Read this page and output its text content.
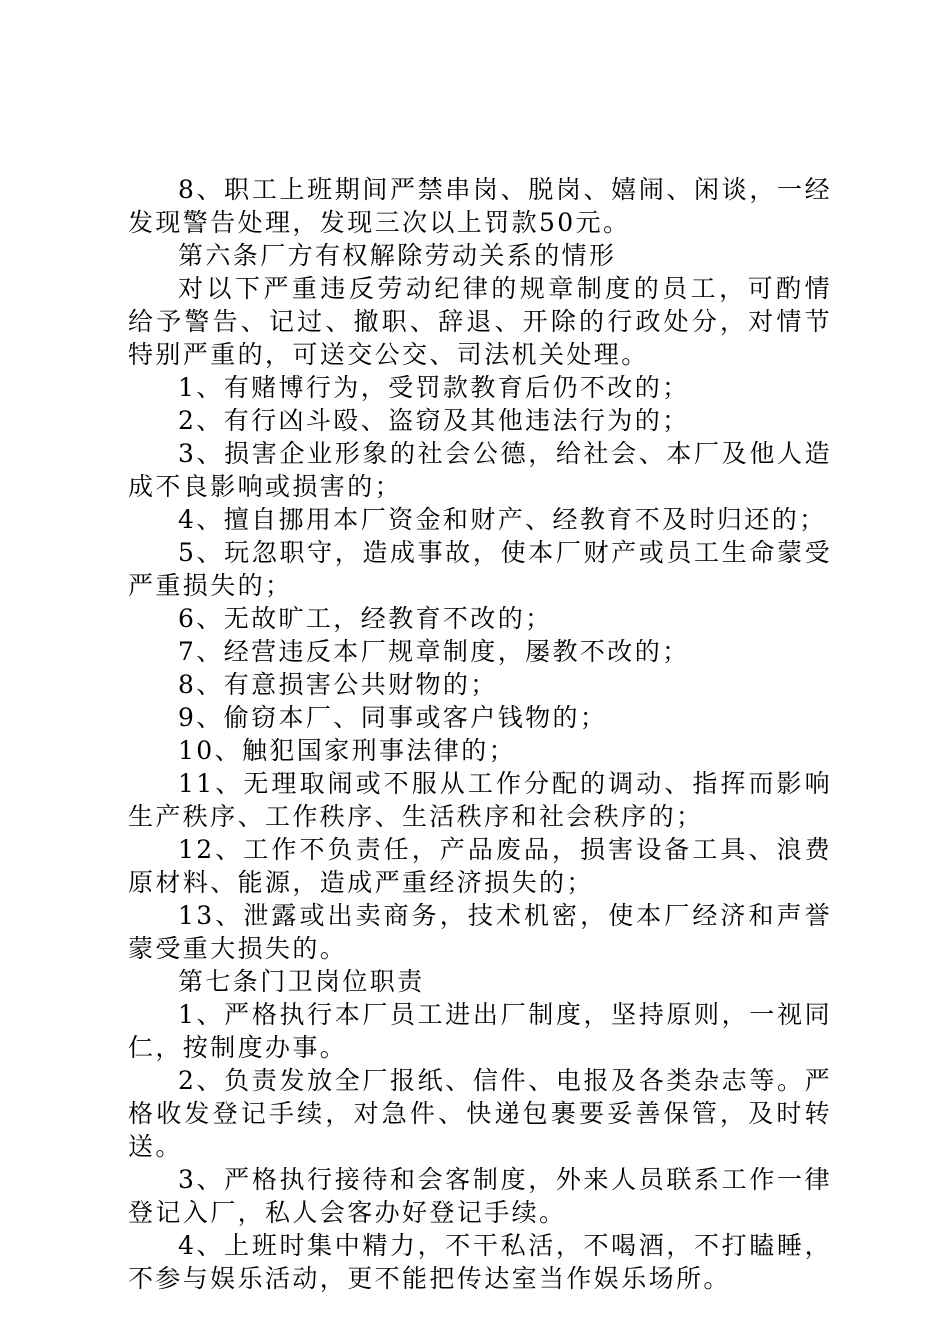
8、职工上班期间严禁串岗、脱岗、嬉闹、闲谈，一经发现警告处理，发现三次以上罚款50元。

第六条厂方有权解除劳动关系的情形

对以下严重违反劳动纪律的规章制度的员工，可酌情给予警告、记过、撤职、辞退、开除的行政处分，对情节特别严重的，可送交公交、司法机关处理。

1、有赌博行为，受罚款教育后仍不改的；

2、有行凶斗殴、盗窃及其他违法行为的；

3、损害企业形象的社会公德，给社会、本厂及他人造成不良影响或损害的；

4、擅自挪用本厂资金和财产、经教育不及时归还的；

5、玩忽职守，造成事故，使本厂财产或员工生命蒙受严重损失的；

6、无故旷工，经教育不改的；

7、经营违反本厂规章制度，屡教不改的；

8、有意损害公共财物的；

9、偷窃本厂、同事或客户钱物的；

10、触犯国家刑事法律的；

11、无理取闹或不服从工作分配的调动、指挥而影响生产秩序、工作秩序、生活秩序和社会秩序的；

12、工作不负责任，产品废品，损害设备工具、浪费原材料、能源，造成严重经济损失的；

13、泄露或出卖商务，技术机密，使本厂经济和声誉蒙受重大损失的。

第七条门卫岗位职责

1、严格执行本厂员工进出厂制度，坚持原则，一视同仁，按制度办事。

2、负责发放全厂报纸、信件、电报及各类杂志等。严格收发登记手续，对急件、快递包裹要妥善保管，及时转送。

3、严格执行接待和会客制度，外来人员联系工作一律登记入厂，私人会客办好登记手续。

4、上班时集中精力，不干私活，不喝酒，不打瞌睡，不参与娱乐活动，更不能把传达室当作娱乐场所。
